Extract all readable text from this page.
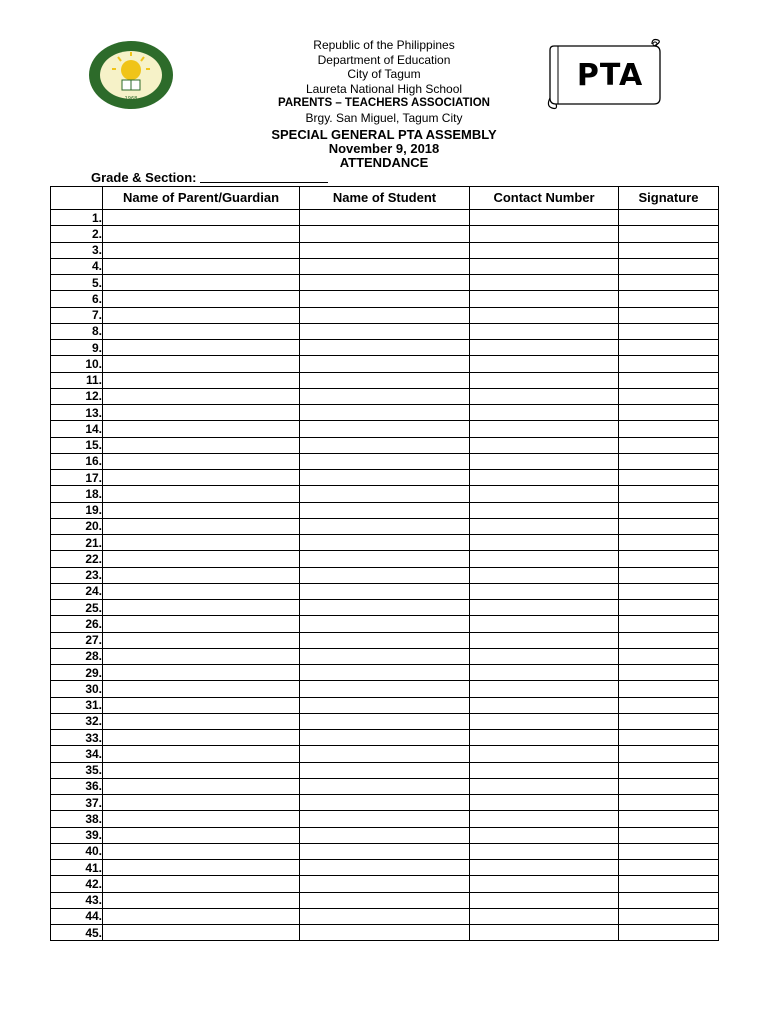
1968
PTA
Republic of the Philippines
Department of Education
City of Tagum
Laureta National High School
PARENTS – TEACHERS ASSOCIATION
Brgy. San Miguel, Tagum City
SPECIAL GENERAL PTA ASSEMBLY
November 9, 2018
ATTENDANCE
Grade & Section:
	Name of Parent/Guardian	Name of Student	Contact Number	Signature
1.				
2.				
3.				
4.				
5.				
6.				
7.				
8.				
9.				
10.				
11.				
12.				
13.				
14.				
15.				
16.				
17.				
18.				
19.				
20.				
21.				
22.				
23.				
24.				
25.				
26.				
27.				
28.				
29.				
30.				
31.				
32.				
33.				
34.				
35.				
36.				
37.				
38.				
39.				
40.				
41.				
42.				
43.				
44.				
45.				
